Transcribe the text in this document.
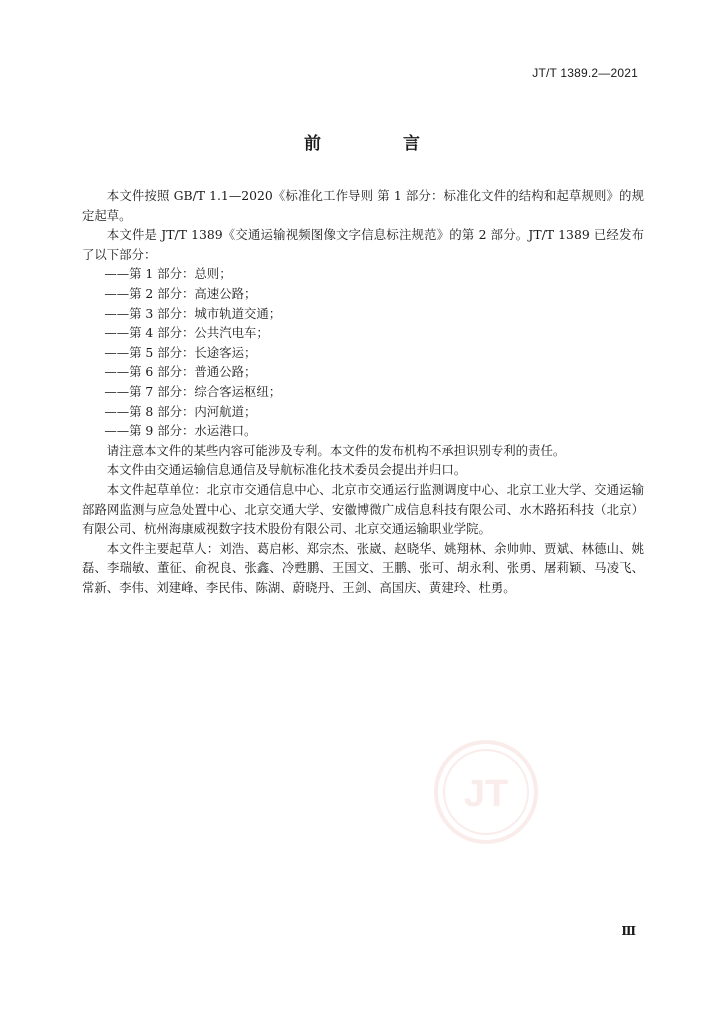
JT/T 1389.2—2021
前 言

本文件按照 GB/T 1.1—2020《标准化工作导则 第 1 部分：标准化文件的结构和起草规则》的规定起草。

本文件是 JT/T 1389《交通运输视频图像文字信息标注规范》的第 2 部分。JT/T 1389 已经发布了以下部分：

——第 1 部分：总则；

——第 2 部分：高速公路；

——第 3 部分：城市轨道交通；

——第 4 部分：公共汽电车；

——第 5 部分：长途客运；

——第 6 部分：普通公路；

——第 7 部分：综合客运枢纽；

——第 8 部分：内河航道；

——第 9 部分：水运港口。

请注意本文件的某些内容可能涉及专利。本文件的发布机构不承担识别专利的责任。

本文件由交通运输信息通信及导航标准化技术委员会提出并归口。

本文件起草单位：北京市交通信息中心、北京市交通运行监测调度中心、北京工业大学、交通运输部路网监测与应急处置中心、北京交通大学、安徽博微广成信息科技有限公司、水木路拓科技（北京）有限公司、杭州海康威视数字技术股份有限公司、北京交通运输职业学院。

本文件主要起草人：刘浩、葛启彬、郑宗杰、张崴、赵晓华、姚翔林、余帅帅、贾斌、林德山、姚磊、李瑞敏、董征、俞祝良、张鑫、冷甦鹏、王国文、王鹏、张可、胡永利、张勇、屠莉颖、马凌飞、常新、李伟、刘建峰、李民伟、陈湖、蔚晓丹、王剑、高国庆、黄建玲、杜勇。

JT
Ⅲ
